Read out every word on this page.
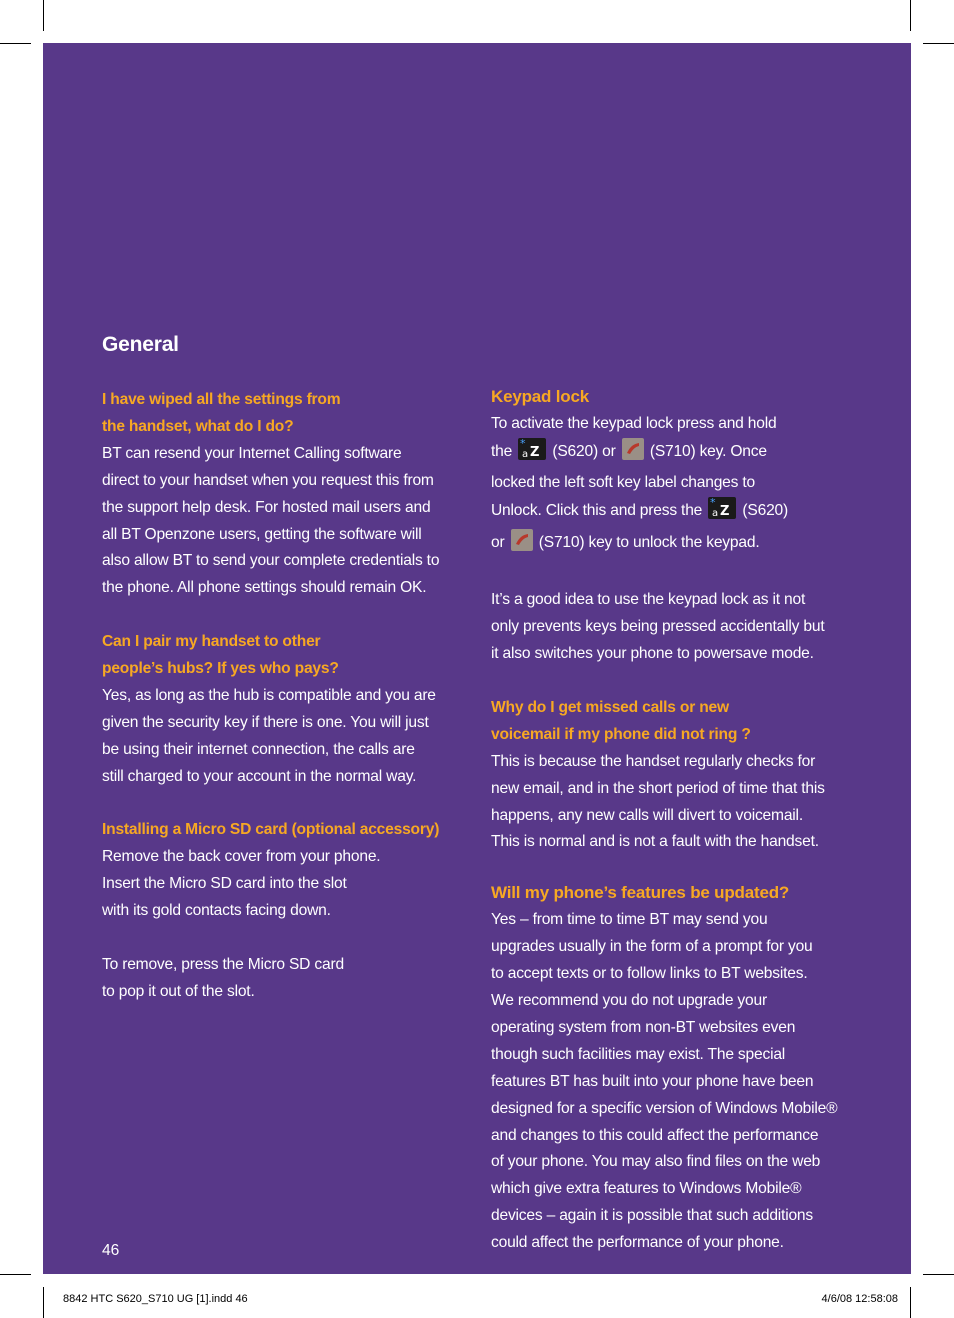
General
I have wiped all the settings from
the handset, what do I do?
BT can resend your Internet Calling software
direct to your handset when you request this from
the support help desk. For hosted mail users and
all BT Openzone users, getting the software will
also allow BT to send your complete credentials to
the phone. All phone settings should remain OK.
Can I pair my handset to other
people’s hubs? If yes who pays?
Yes, as long as the hub is compatible and you are
given the security key if there is one. You will just
be using their internet connection, the calls are
still charged to your account in the normal way.
Installing a Micro SD card (optional accessory)
Remove the back cover from your phone.
Insert the Micro SD card into the slot
with its gold contacts facing down.
To remove, press the Micro SD card
to pop it out of the slot.
Keypad lock
To activate the keypad lock press and hold
the *
a Z (S620) or (S710) key. Once
locked the left soft key label changes to
Unlock. Click this and press the *
a Z (S620)
or (S710) key to unlock the keypad.
It’s a good idea to use the keypad lock as it not
only prevents keys being pressed accidentally but
it also switches your phone to powersave mode.
Why do I get missed calls or new
voicemail if my phone did not ring ?
This is because the handset regularly checks for
new email, and in the short period of time that this
happens, any new calls will divert to voicemail.
This is normal and is not a fault with the handset.
Will my phone’s features be updated?
Yes – from time to time BT may send you
upgrades usually in the form of a prompt for you
to accept texts or to follow links to BT websites.
We recommend you do not upgrade your
operating system from non-BT websites even
though such facilities may exist. The special
features BT has built into your phone have been
designed for a specific version of Windows Mobile®
and changes to this could affect the performance
of your phone. You may also find files on the web
which give extra features to Windows Mobile®
devices – again it is possible that such additions
could affect the performance of your phone.
46
8842 HTC S620_S710 UG [1].indd 46	4/6/08 12:58:08
